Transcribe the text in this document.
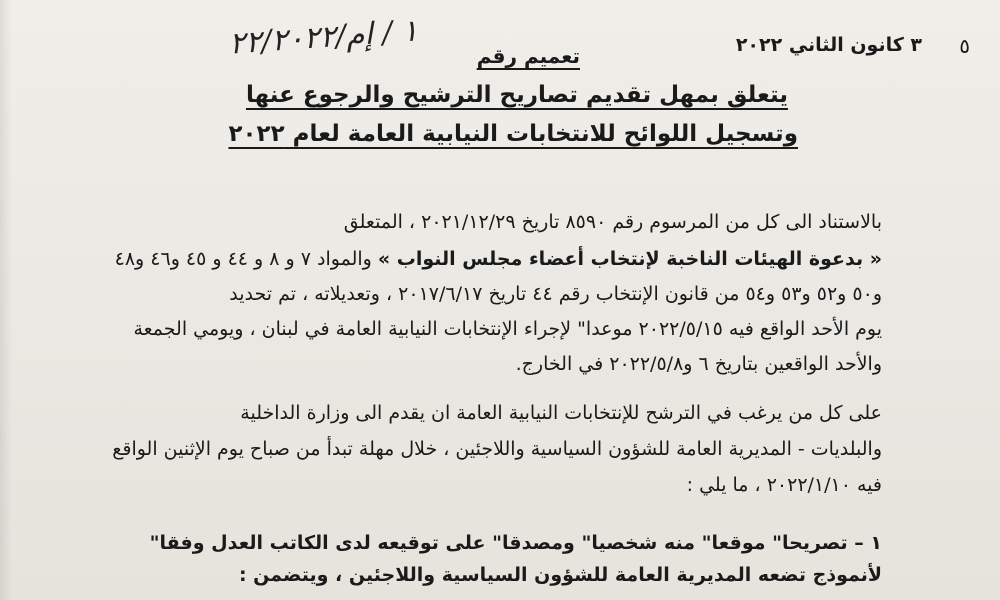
٥
٣ كانون الثاني ٢٠٢٢
تعميم رقم
١ / إم/٢٢/٢٠٢٢
يتعلق بمهل تقديم تصاريح الترشيح والرجوع عنها
وتسجيل اللوائح للانتخابات النيابية العامة لعام ٢٠٢٢
بالاستناد الى كل من المرسوم رقم ٨٥٩٠ تاريخ ٢٠٢١/١٢/٢٩ ، المتعلق
« بدعوة الهيئات الناخبة لإنتخاب أعضاء مجلس النواب » والمواد ٧ و ٨ و ٤٤ و ٤٥ و٤٦ و٤٨
و٥٠ و٥٢ و٥٣ و٥٤ من قانون الإنتخاب رقم ٤٤ تاريخ ٢٠١٧/٦/١٧ ، وتعديلاته ، تم تحديد
يوم الأحد الواقع فيه ٢٠٢٢/٥/١٥ موعدا" لإجراء الإنتخابات النيابية العامة في لبنان ، ويومي الجمعة
والأحد الواقعين بتاريخ ٦ و٢٠٢٢/٥/٨ في الخارج.
على كل من يرغب في الترشح للإنتخابات النيابية العامة ان يقدم الى وزارة الداخلية
والبلديات - المديرية العامة للشؤون السياسية واللاجئين ، خلال مهلة تبدأ من صباح يوم الإثنين الواقع
فيه ٢٠٢٢/١/١٠ ، ما يلي :
١ – تصريحا" موقعا" منه شخصيا" ومصدقا" على توقيعه لدى الكاتب العدل وفقا"
لأنموذج تضعه المديرية العامة للشؤون السياسية واللاجئين ، ويتضمن :
